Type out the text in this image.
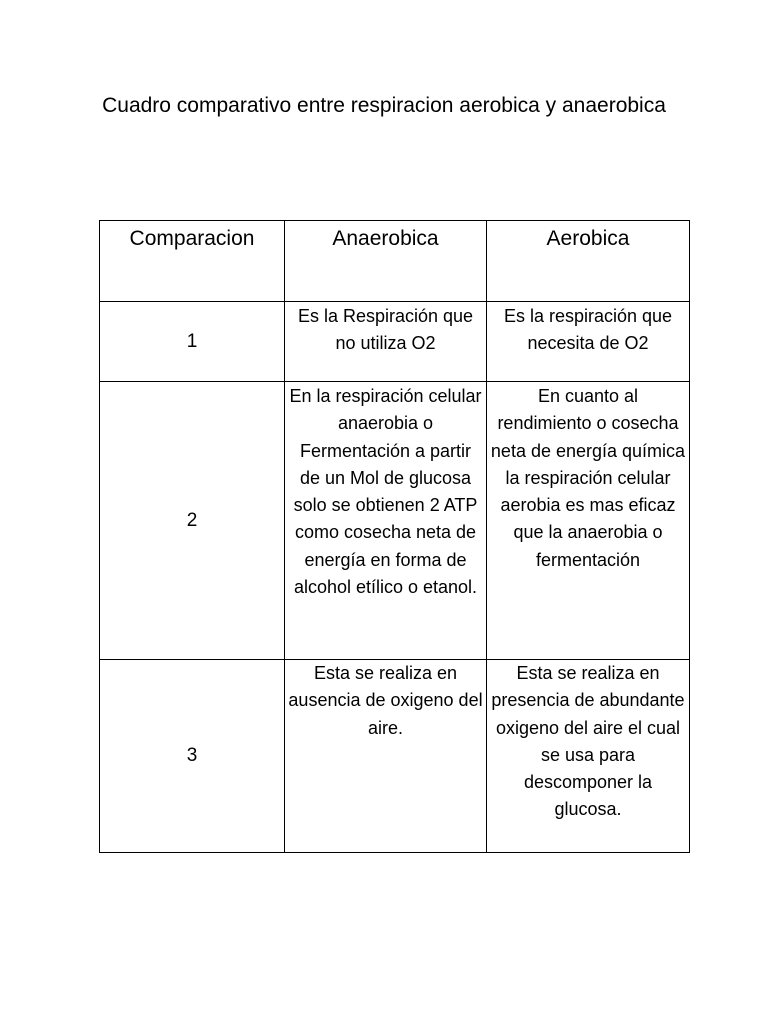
Cuadro comparativo entre respiracion aerobica y anaerobica
Comparacion	Anaerobica	Aerobica
1	Es la Respiración que no utiliza O2	Es la respiración que necesita de O2
2	En la respiración celular anaerobia o Fermentación a partir de un Mol de glucosa solo se obtienen 2 ATP como cosecha neta de energía en forma de alcohol etílico o etanol.	En cuanto al rendimiento o cosecha neta de energía química la respiración celular aerobia es mas eficaz que la anaerobia o fermentación
3	Esta se realiza en ausencia de oxigeno del aire.	Esta se realiza en presencia de abundante oxigeno del aire el cual se usa para descomponer la glucosa.
